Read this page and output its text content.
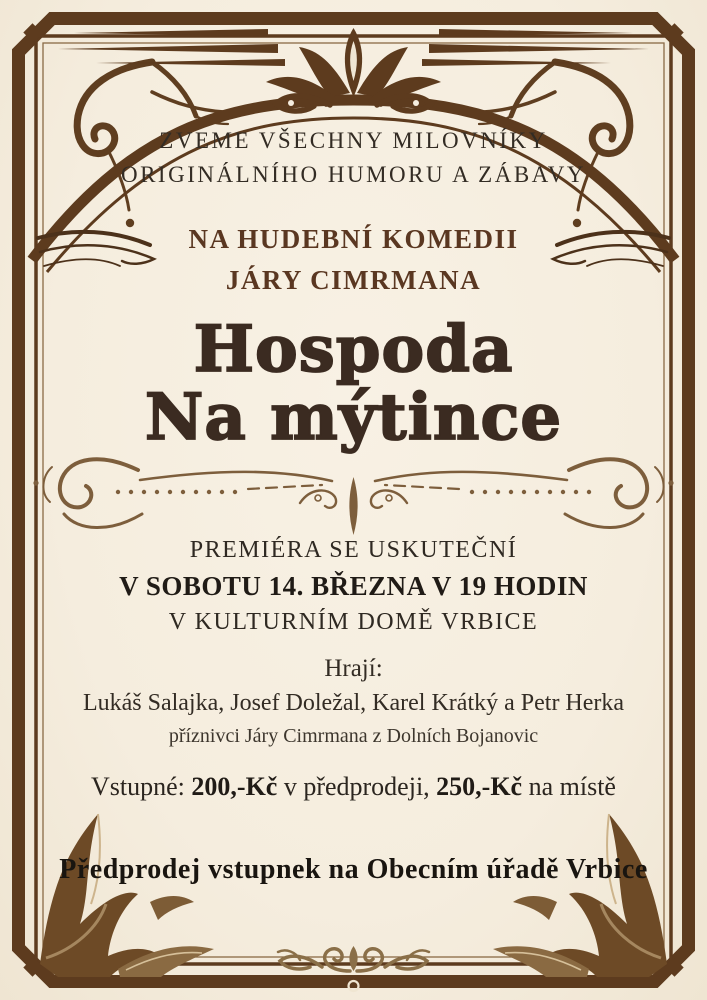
ZVEME VŠECHNY MILOVNÍKY
ORIGINÁLNÍHO HUMORU A ZÁBAVY
NA HUDEBNÍ KOMEDII
JÁRY CIMRMANA
Hospoda
Na mýtince
PREMIÉRA SE USKUTEČNÍ
V SOBOTU 14. BŘEZNA V 19 HODIN
V KULTURNÍM DOMĚ VRBICE
Hrají:
Lukáš Salajka, Josef Doležal, Karel Krátký a Petr Herka
příznivci Járy Cimrmana z Dolních Bojanovic
Vstupné: 200,-Kč v předprodeji, 250,-Kč na místě
Předprodej vstupnek na Obecním úřadě Vrbice
